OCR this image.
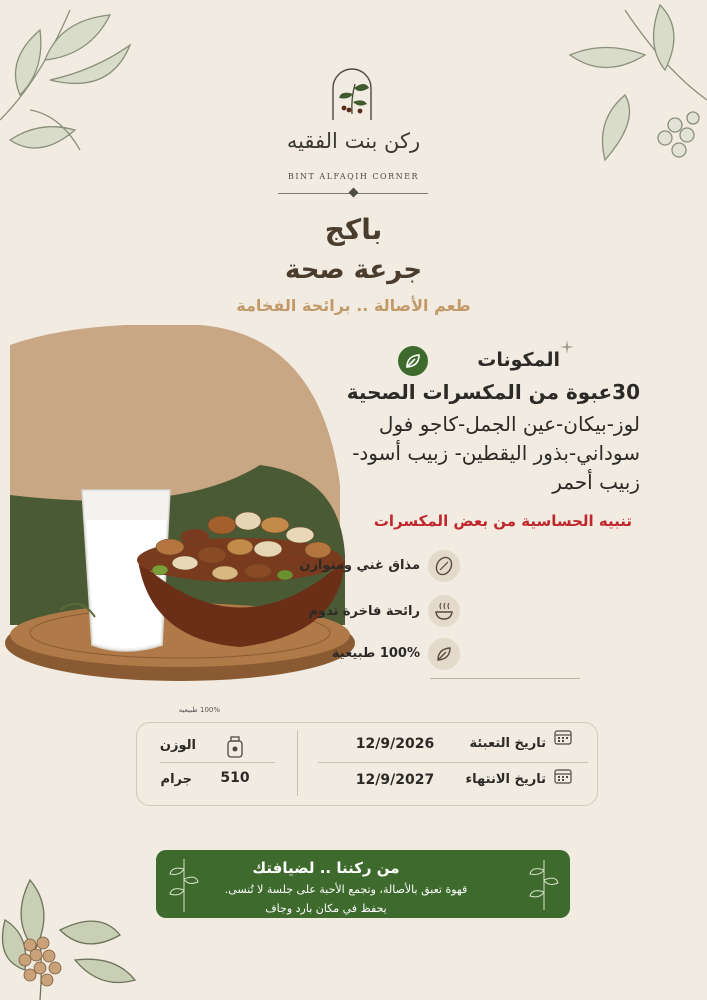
ركن بنت الفقيه
BINT ALFAQIH CORNER
باكج
جرعة صحة
طعم الأصالة .. برائحة الفخامة
المكونات
30عبوة من المكسرات الصحية
لوز-بيكان-عين الجمل-كاجو فول سوداني-بذور اليقطين- زبيب أسود- زبيب أحمر
تنبيه الحساسية من بعض المكسرات
مذاق غني ومتوازن
رائحة فاخرة تدوم
100% طبيعية
100% طبيعيه
الوزن
510
جرام
12/9/2026	تاريخ التعبئة
12/9/2027	تاريخ الانتهاء
من ركننا .. لضيافتك
قهوة تعبق بالأصالة، وتجمع الأحبة على جلسة لا تُنسى.
يحفظ في مكان بارد وجاف
